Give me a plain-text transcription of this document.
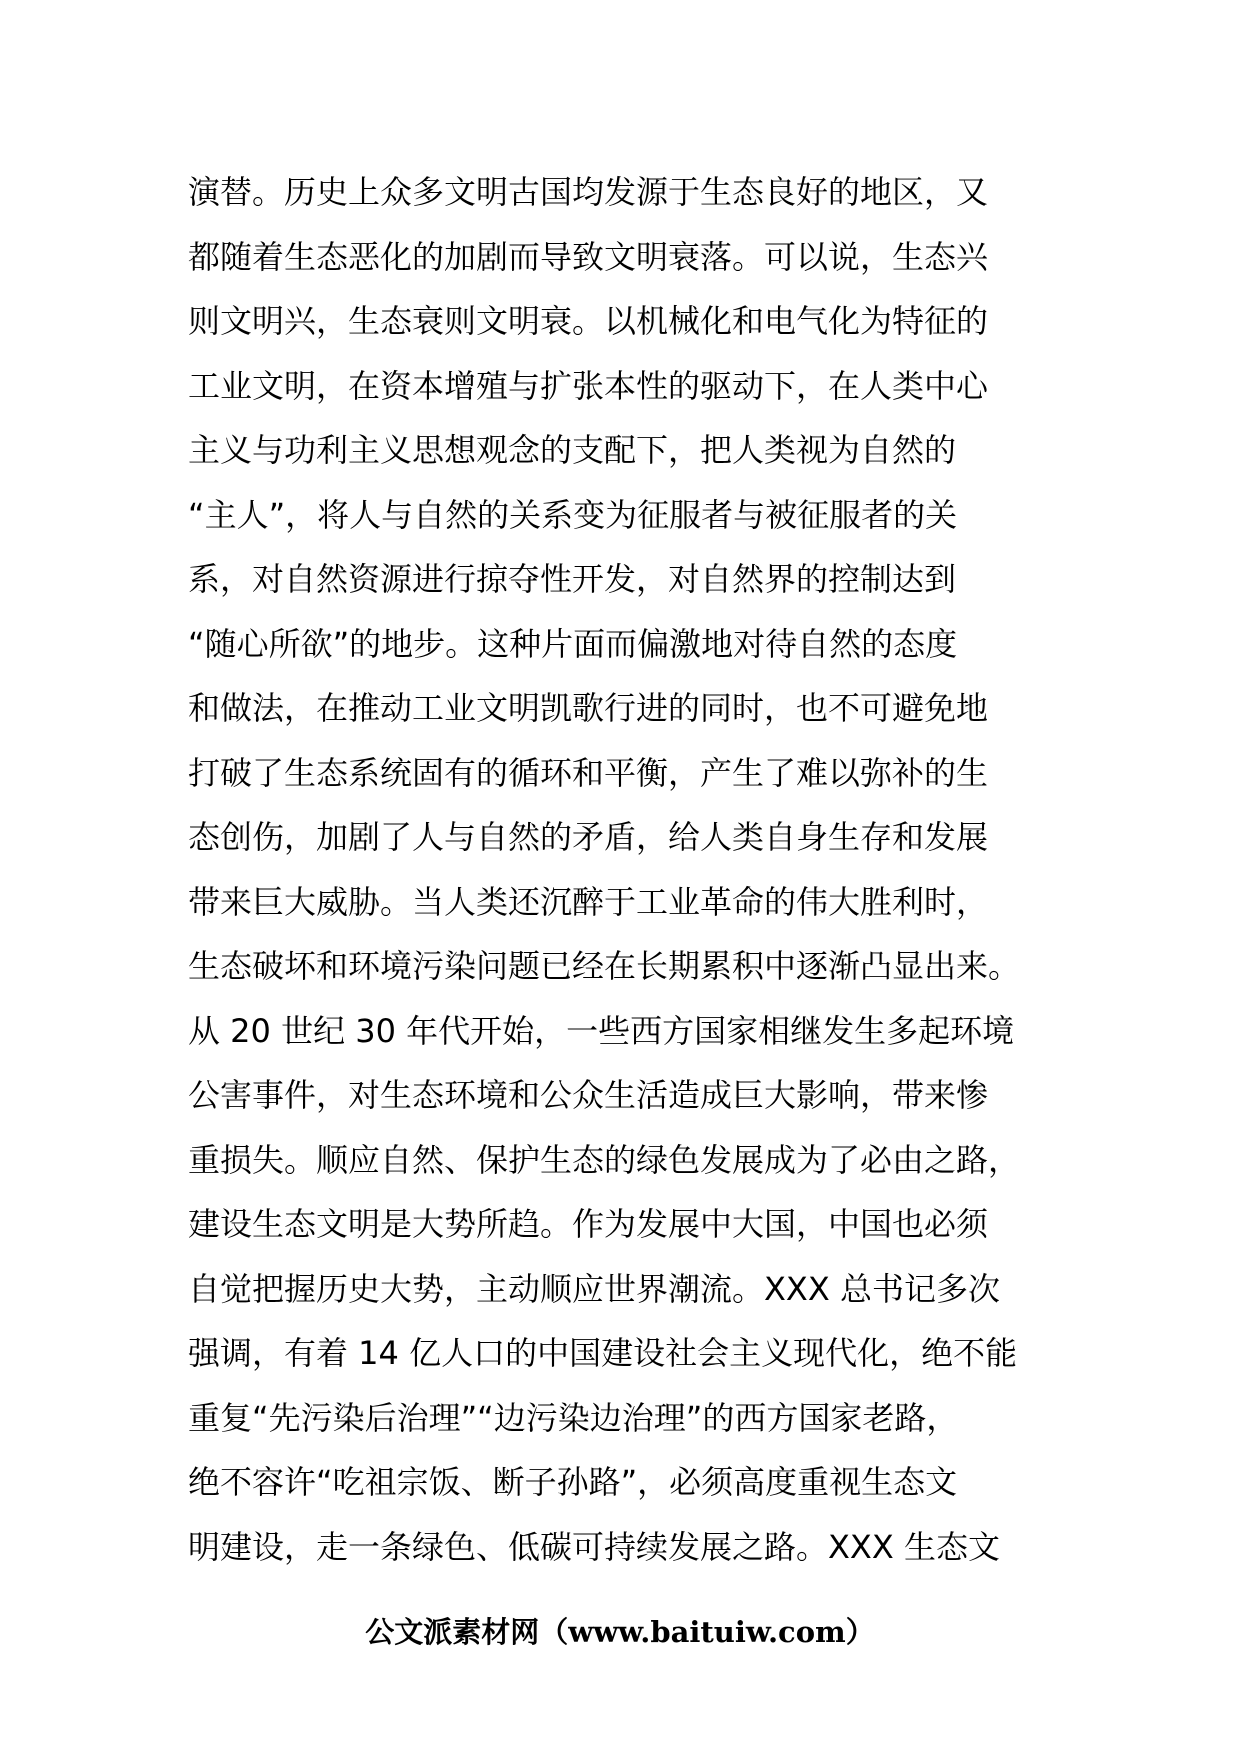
演替。历史上众多文明古国均发源于生态良好的地区，又
都随着生态恶化的加剧而导致文明衰落。可以说，生态兴
则文明兴，生态衰则文明衰。以机械化和电气化为特征的
工业文明，在资本增殖与扩张本性的驱动下，在人类中心
主义与功利主义思想观念的支配下，把人类视为自然的
“主人”，将人与自然的关系变为征服者与被征服者的关
系，对自然资源进行掠夺性开发，对自然界的控制达到
“随心所欲”的地步。这种片面而偏激地对待自然的态度
和做法，在推动工业文明凯歌行进的同时，也不可避免地
打破了生态系统固有的循环和平衡，产生了难以弥补的生
态创伤，加剧了人与自然的矛盾，给人类自身生存和发展
带来巨大威胁。当人类还沉醉于工业革命的伟大胜利时，
生态破坏和环境污染问题已经在长期累积中逐渐凸显出来。
从 20 世纪 30 年代开始，一些西方国家相继发生多起环境
公害事件，对生态环境和公众生活造成巨大影响，带来惨
重损失。顺应自然、保护生态的绿色发展成为了必由之路，
建设生态文明是大势所趋。作为发展中大国，中国也必须
自觉把握历史大势，主动顺应世界潮流。XXX 总书记多次
强调，有着 14 亿人口的中国建设社会主义现代化，绝不能
重复“先污染后治理”“边污染边治理”的西方国家老路，
绝不容许“吃祖宗饭、断子孙路”，必须高度重视生态文
明建设，走一条绿色、低碳可持续发展之路。XXX 生态文
公文派素材网（www.baituiw.com）
